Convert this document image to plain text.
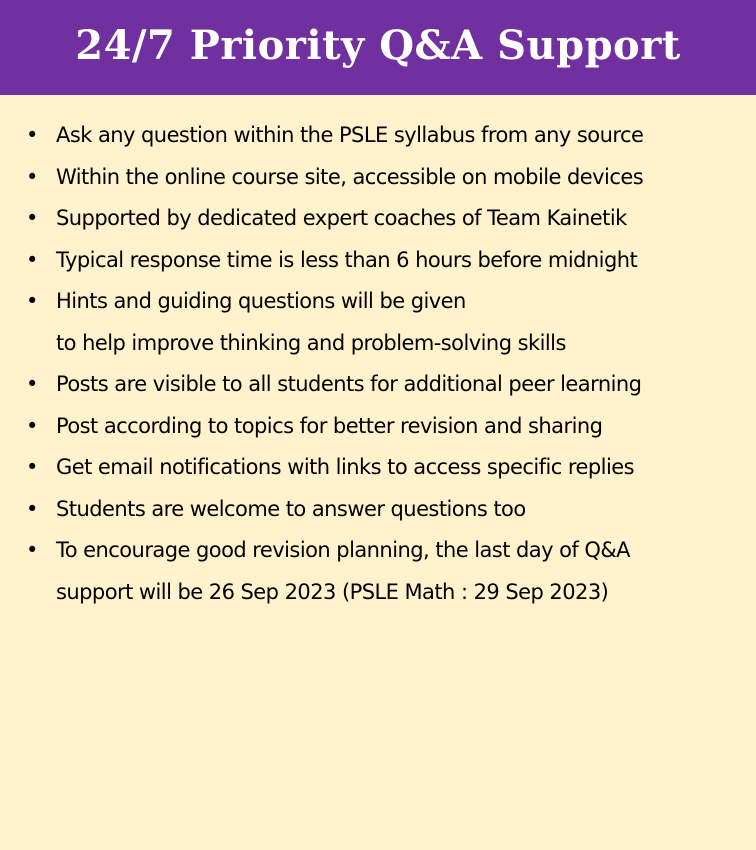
24/7 Priority Q&A Support
• Ask any question within the PSLE syllabus from any source
• Within the online course site, accessible on mobile devices
• Supported by dedicated expert coaches of Team Kainetik
• Typical response time is less than 6 hours before midnight
• Hints and guiding questions will be given
to help improve thinking and problem-solving skills
• Posts are visible to all students for additional peer learning
• Post according to topics for better revision and sharing
• Get email notifications with links to access specific replies
• Students are welcome to answer questions too
• To encourage good revision planning, the last day of Q&A
support will be 26 Sep 2023 (PSLE Math : 29 Sep 2023)
